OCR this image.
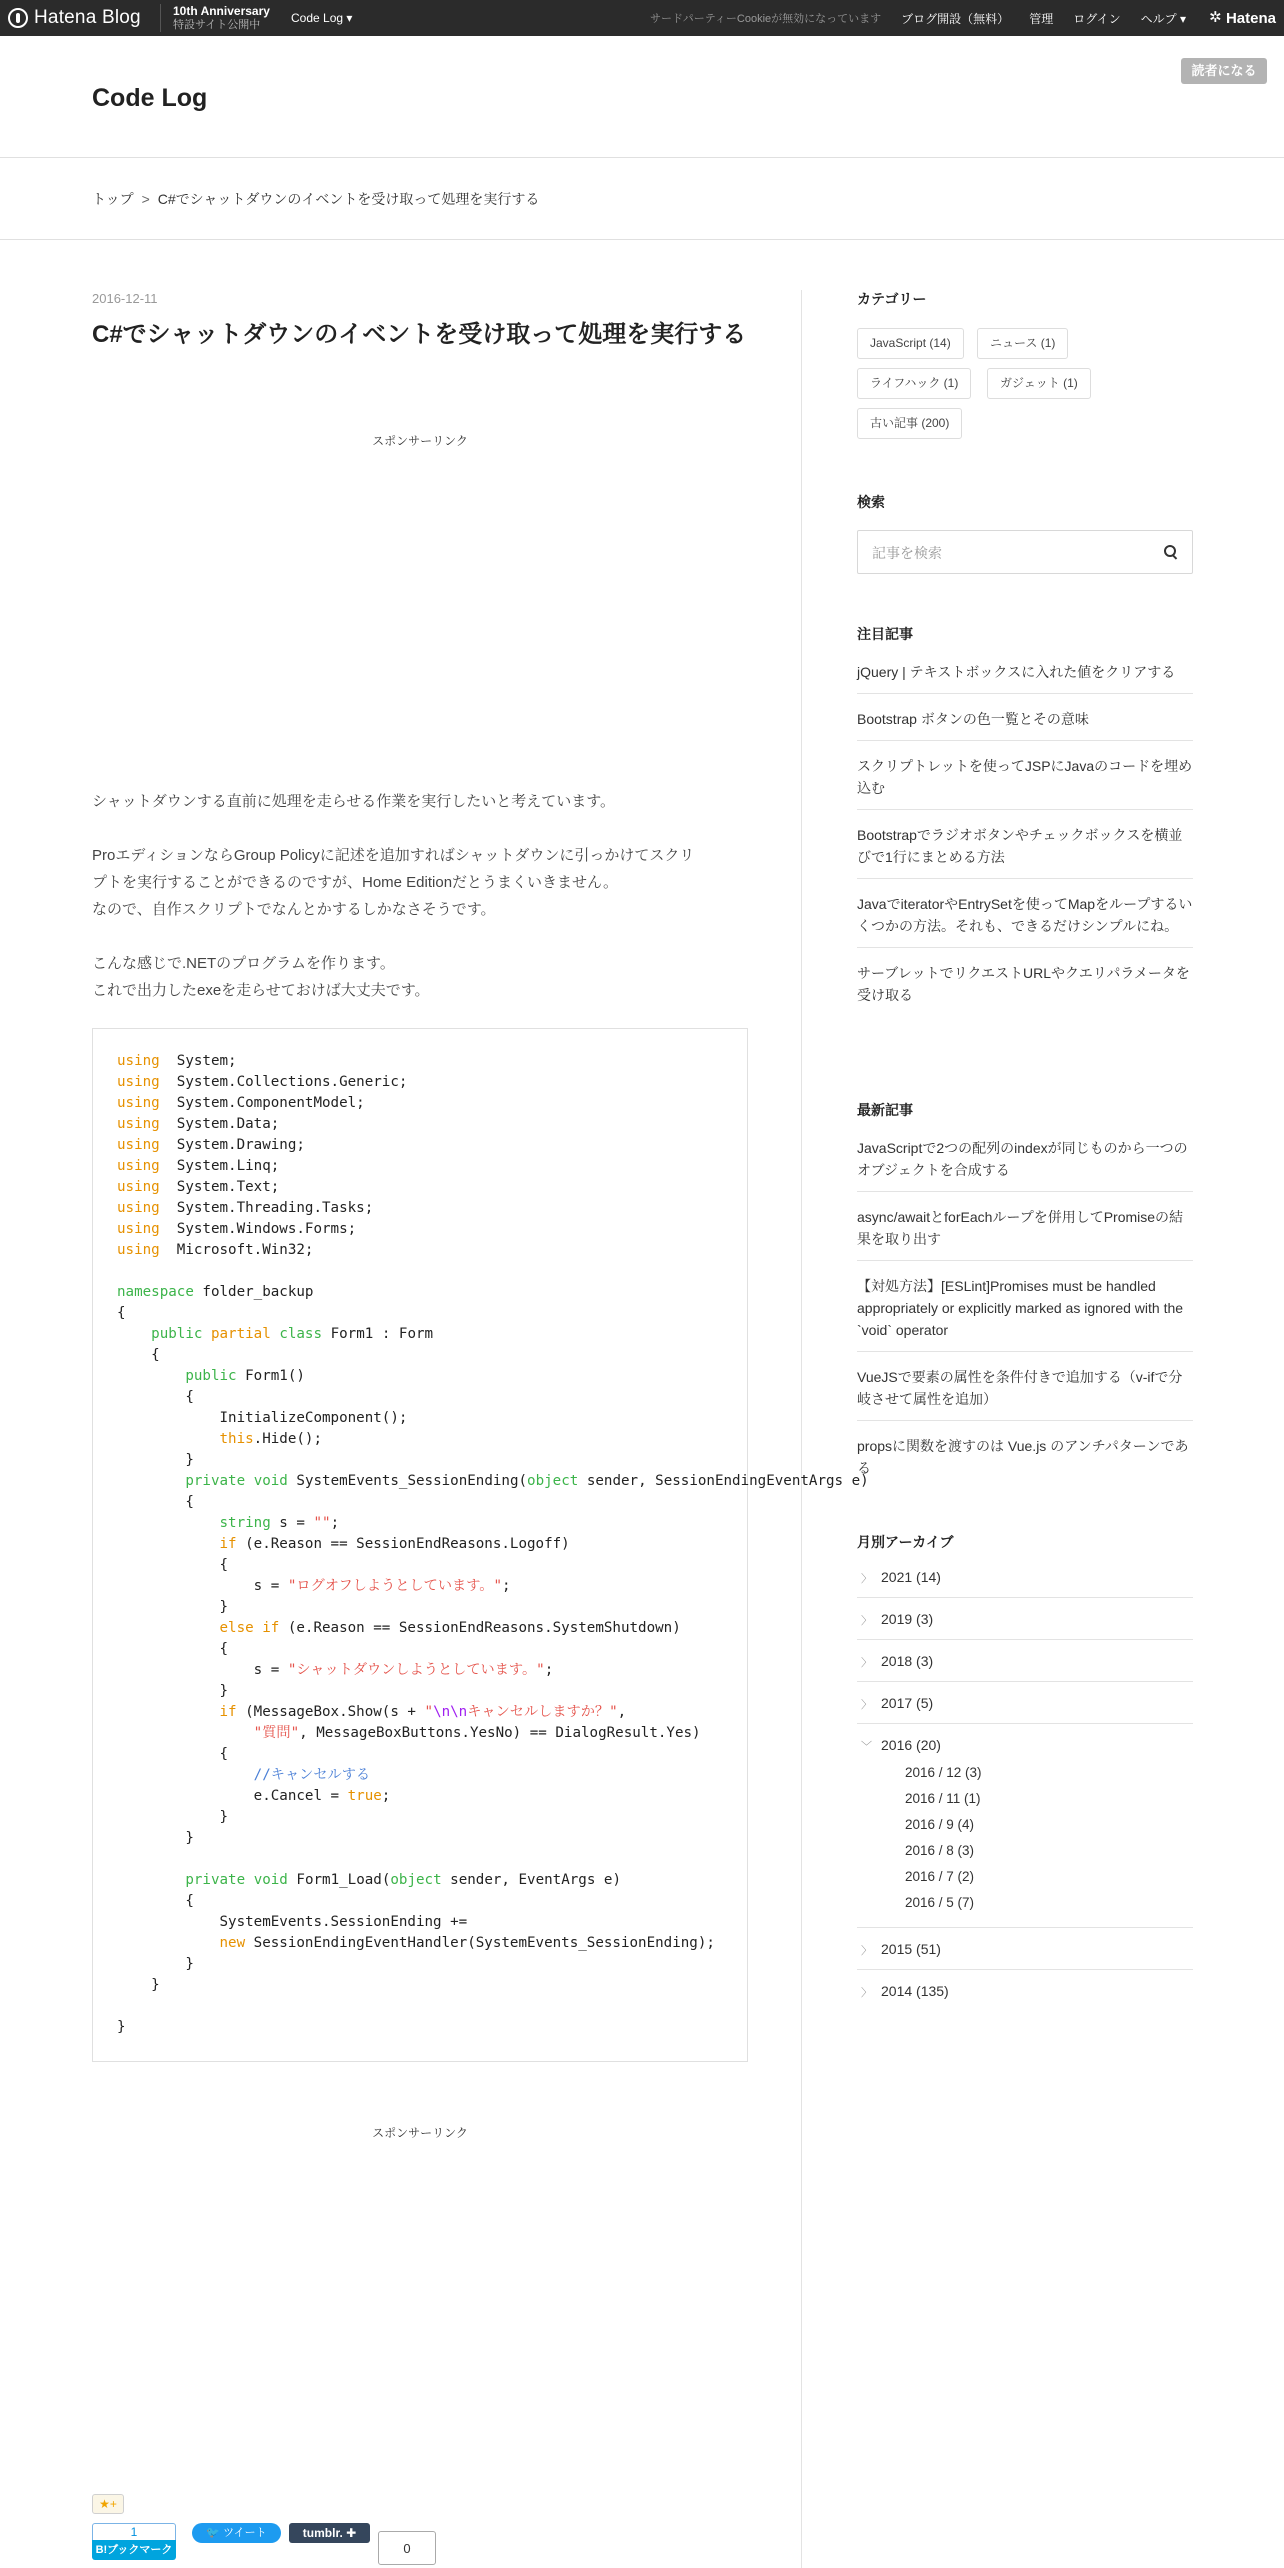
Hatena Blog	10th Anniversary
特設サイト公開中	Code Log ▾	サードパーティーCookieが無効になっています ブログ開設（無料） 管理 ログイン ヘルプ ▾
✲	Hatena
Code Log
読者になる
トップ > C#でシャットダウンのイベントを受け取って処理を実行する
2016-12-11
C#でシャットダウンのイベントを受け取って処理を実行する
スポンサーリンク

シャットダウンする直前に処理を走らせる作業を実行したいと考えています。

ProエディションならGroup Policyに記述を追加すればシャットダウンに引っかけてスクリ
プトを実行することができるのですが、Home Editionだとうまくいきません。
なので、自作スクリプトでなんとかするしかなさそうです。

こんな感じで.NETのプログラムを作ります。
これで出力したexeを走らせておけば大丈夫です。

using  System;
using  System.Collections.Generic;
using  System.ComponentModel;
using  System.Data;
using  System.Drawing;
using  System.Linq;
using  System.Text;
using  System.Threading.Tasks;
using  System.Windows.Forms;
using  Microsoft.Win32;
namespace folder_backup
{
public partial class Form1 : Form
{
public Form1()
{
InitializeComponent();
this.Hide();
}
private void SystemEvents_SessionEnding(object sender, SessionEndingEventArgs e)
{
string s = "";
if (e.Reason == SessionEndReasons.Logoff)
{
s = "ログオフしようとしています。";
}
else if (e.Reason == SessionEndReasons.SystemShutdown)
{
s = "シャットダウンしようとしています。";
}
if (MessageBox.Show(s + "\n\nキャンセルしますか？",
"質問", MessageBoxButtons.YesNo) == DialogResult.Yes)
{
//キャンセルする
e.Cancel = true;
}
}
private void Form1_Load(object sender, EventArgs e)
{
SystemEvents.SessionEnding +=
new SessionEndingEventHandler(SystemEvents_SessionEnding);
}
}
}
スポンサーリンク
★+
1
B!ブックマーク
🐦 ツイート	tumblr. ✚
0
カテゴリー
JavaScript (14)	ニュース (1)
ライフハック (1)	ガジェット (1)
古い記事 (200)
検索
記事を検索
注目記事
jQuery | テキストボックスに入れた値をクリアする
Bootstrap ボタンの色一覧とその意味
スクリプトレットを使ってJSPにJavaのコードを埋め込む
Bootstrapでラジオボタンやチェックボックスを横並びで1行にまとめる方法
JavaでiteratorやEntrySetを使ってMapをループするいくつかの方法。それも、できるだけシンプルにね。
サーブレットでリクエストURLやクエリパラメータを受け取る
最新記事
JavaScriptで2つの配列のindexが同じものから一つのオブジェクトを合成する
async/awaitとforEachループを併用してPromiseの結果を取り出す
【対処方法】[ESLint]Promises must be handled appropriately or explicitly marked as ignored with the `void` operator
VueJSで要素の属性を条件付きで追加する（v-ifで分岐させて属性を追加）
propsに関数を渡すのは Vue.js のアンチパターンである
月別アーカイブ
〉 2021 (14)
〉 2019 (3)
〉 2018 (3)
〉 2017 (5)
﹀ 2016 (20)
2016 / 12 (3)
2016 / 11 (1)
2016 / 9 (4)
2016 / 8 (3)
2016 / 7 (2)
2016 / 5 (7)
〉 2015 (51)
〉 2014 (135)
